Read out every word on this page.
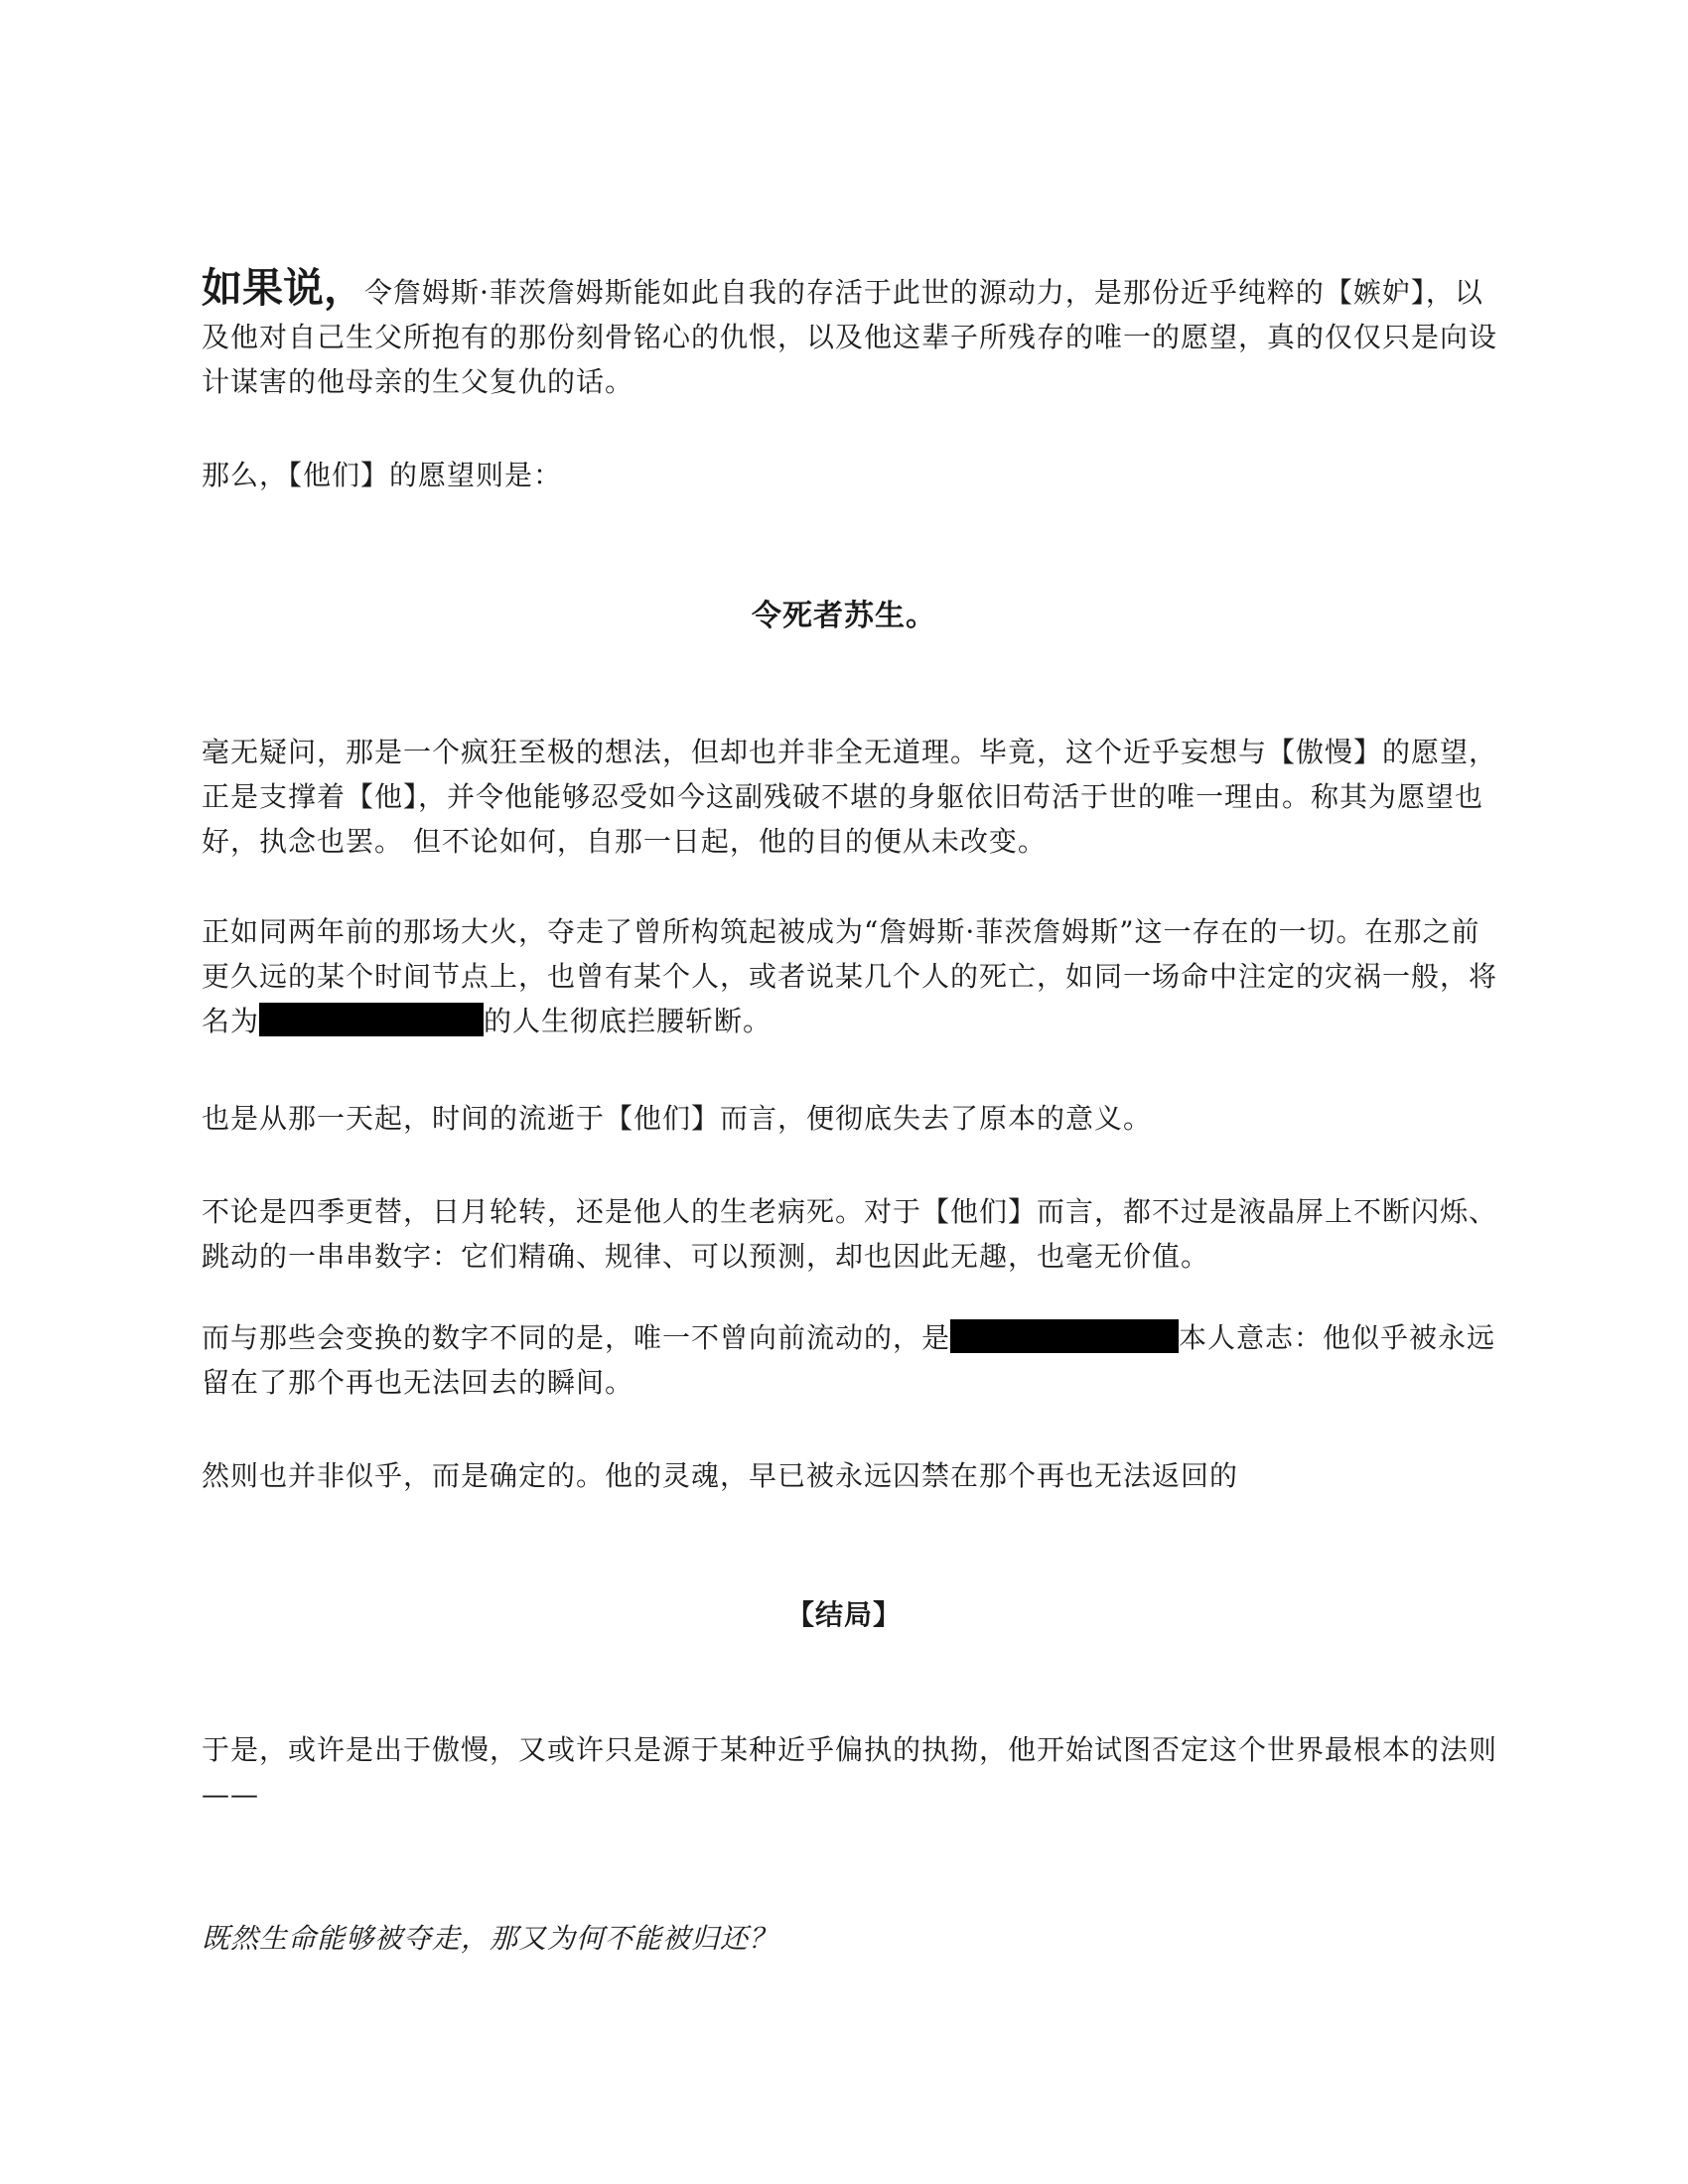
如果说，令詹姆斯·菲茨詹姆斯能如此自我的存活于此世的源动力，是那份近乎纯粹的【嫉妒】，以及他对自己生父所抱有的那份刻骨铭心的仇恨，以及他这辈子所残存的唯一的愿望，真的仅仅只是向设计谋害的他母亲的生父复仇的话。

那么，【他们】的愿望则是：

令死者苏生。

毫无疑问，那是一个疯狂至极的想法，但却也并非全无道理。毕竟，这个近乎妄想与【傲慢】的愿望，正是支撑着【他】，并令他能够忍受如今这副残破不堪的身躯依旧苟活于世的唯一理由。称其为愿望也好，执念也罢。 但不论如何，自那一日起，他的目的便从未改变。

正如同两年前的那场大火，夺走了曾所构筑起被成为“詹姆斯·菲茨詹姆斯”这一存在的一切。在那之前更久远的某个时间节点上，也曾有某个人，或者说某几个人的死亡，如同一场命中注定的灾祸一般，将名为	的人生彻底拦腰斩断。

也是从那一天起，时间的流逝于【他们】而言，便彻底失去了原本的意义。

不论是四季更替，日月轮转，还是他人的生老病死。对于【他们】而言，都不过是液晶屏上不断闪烁、跳动的一串串数字：它们精确、规律、可以预测，却也因此无趣，也毫无价值。

而与那些会变换的数字不同的是，唯一不曾向前流动的，是	本人意志：他似乎被永远留在了那个再也无法回去的瞬间。

然则也并非似乎，而是确定的。他的灵魂，早已被永远囚禁在那个再也无法返回的

【结局】

于是，或许是出于傲慢，又或许只是源于某种近乎偏执的执拗，他开始试图否定这个世界最根本的法则——

既然生命能够被夺走，那又为何不能被归还？
